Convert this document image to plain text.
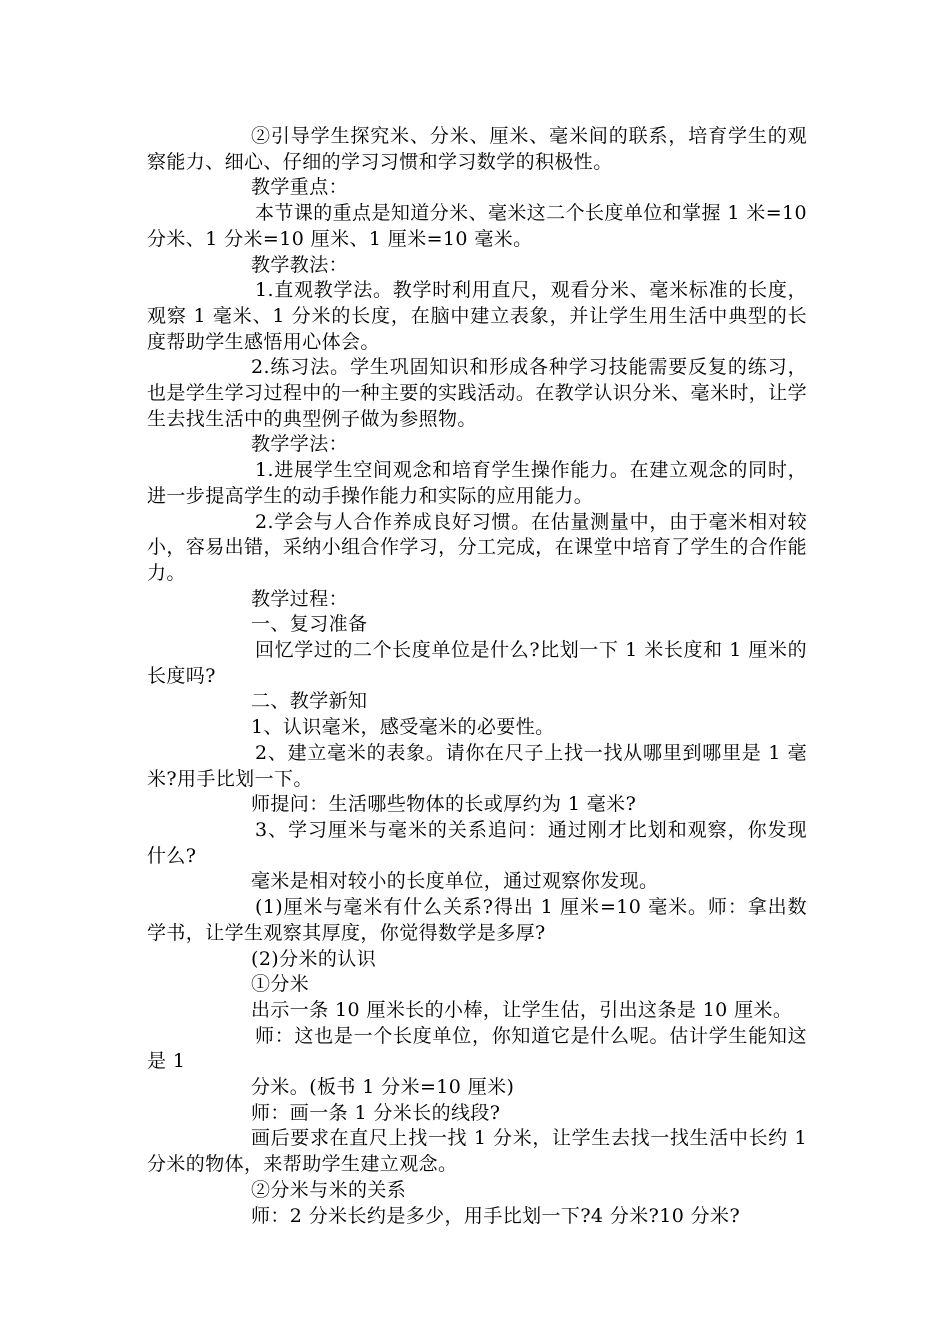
②引导学生探究米、分米、厘米、毫米间的联系，培育学生的观察能力、细心、仔细的学习习惯和学习数学的积极性。

教学重点：

本节课的重点是知道分米、毫米这二个长度单位和掌握 1 米=10 分米、1 分米=10 厘米、1 厘米=10 毫米。

教学教法：

1.直观教学法。教学时利用直尺，观看分米、毫米标准的长度，观察 1 毫米、1 分米的长度，在脑中建立表象，并让学生用生活中典型的长度帮助学生感悟用心体会。

2.练习法。学生巩固知识和形成各种学习技能需要反复的练习，也是学生学习过程中的一种主要的实践活动。在教学认识分米、毫米时，让学生去找生活中的典型例子做为参照物。

教学学法：

1.进展学生空间观念和培育学生操作能力。在建立观念的同时，进一步提高学生的动手操作能力和实际的应用能力。

2.学会与人合作养成良好习惯。在估量测量中，由于毫米相对较小，容易出错，采纳小组合作学习，分工完成，在课堂中培育了学生的合作能力。

教学过程：

一、复习准备

回忆学过的二个长度单位是什么?比划一下 1 米长度和 1 厘米的长度吗?

二、教学新知

1、认识毫米，感受毫米的必要性。

2、建立毫米的表象。请你在尺子上找一找从哪里到哪里是 1 毫米?用手比划一下。

师提问：生活哪些物体的长或厚约为 1 毫米?

3、学习厘米与毫米的关系追问：通过刚才比划和观察，你发现什么?

毫米是相对较小的长度单位，通过观察你发现。

(1)厘米与毫米有什么关系?得出 1 厘米=10 毫米。师：拿出数学书，让学生观察其厚度，你觉得数学是多厚?

(2)分米的认识

①分米

出示一条 10 厘米长的小棒，让学生估，引出这条是 10 厘米。

师：这也是一个长度单位，你知道它是什么呢。估计学生能知这是 1

分米。(板书 1 分米=10 厘米)

师：画一条 1 分米长的线段?

画后要求在直尺上找一找 1 分米，让学生去找一找生活中长约 1 分米的物体，来帮助学生建立观念。

②分米与米的关系

师：2 分米长约是多少，用手比划一下?4 分米?10 分米?
